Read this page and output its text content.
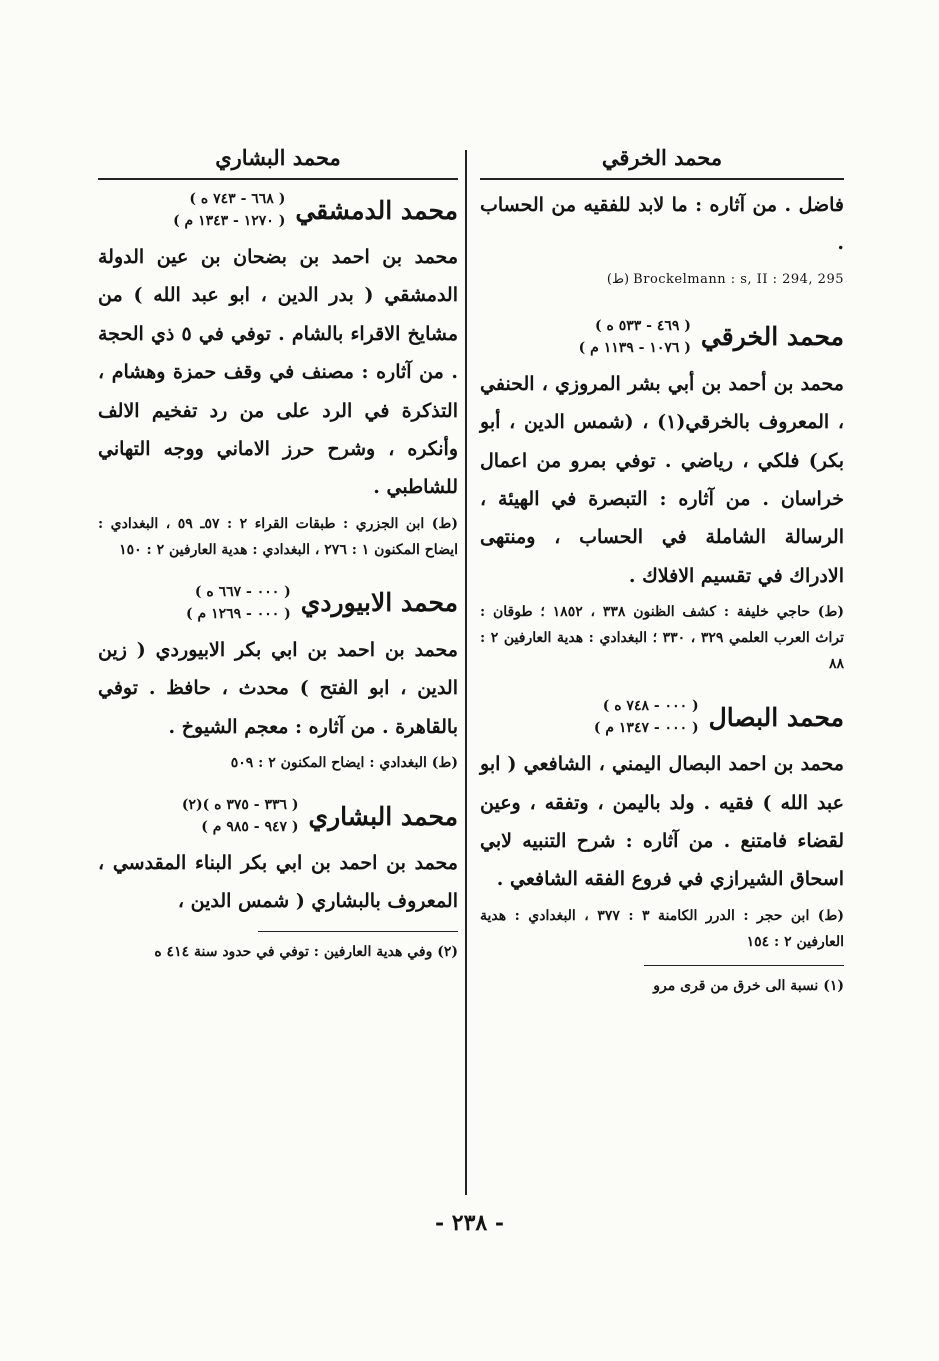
محمد الخرقي
فاضل . من آثاره : ما لابد للفقيه من الحساب .
(ط) Brockelmann : s, II : 294, 295
محمد الخرقي
( ٤٦٩ - ٥٣٣ ه )
( ١٠٧٦ - ١١٣٩ م )
محمد بن أحمد بن أبي بشر المروزي ، الحنفي ، المعروف بالخرقي(١) ، (شمس الدين ، أبو بكر) فلكي ، رياضي . توفي بمرو من اعمال خراسان . من آثاره : التبصرة في الهيئة ، الرسالة الشاملة في الحساب ، ومنتهى الادراك في تقسيم الافلاك .
(ط) حاجي خليفة : كشف الظنون ٣٣٨ ، ١٨٥٢ ؛ طوقان : تراث العرب العلمي ٣٢٩ ، ٣٣٠ ؛ البغدادي : هدية العارفين ٢ : ٨٨
محمد البصال
( ٠٠٠ - ٧٤٨ ه )
( ٠٠٠ - ١٣٤٧ م )
محمد بن احمد البصال اليمني ، الشافعي ( ابو عبد الله ) فقيه . ولد باليمن ، وتفقه ، وعين لقضاء فامتنع . من آثاره : شرح التنبيه لابي اسحاق الشيرازي في فروع الفقه الشافعي .
(ط) ابن حجر : الدرر الكامنة ٣ : ٣٧٧ ، البغدادي : هدية العارفين ٢ : ١٥٤
(١) نسبة الى خرق من قرى مرو
محمد البشاري
محمد الدمشقي
( ٦٦٨ - ٧٤٣ ه )
( ١٢٧٠ - ١٣٤٣ م )
محمد بن احمد بن بضحان بن عين الدولة الدمشقي ( بدر الدين ، ابو عبد الله ) من مشايخ الاقراء بالشام . توفي في ٥ ذي الحجة . من آثاره : مصنف في وقف حمزة وهشام ، التذكرة في الرد على من رد تفخيم الالف وأنكره ، وشرح حرز الاماني ووجه التهاني للشاطبي .
(ط) ابن الجزري : طبقات القراء ٢ : ٥٧ـ ٥٩ ، البغدادي : ايضاح المكنون ١ : ٢٧٦ ، البغدادي : هدية العارفين ٢ : ١٥٠
محمد الابيوردي
( ٠٠٠ - ٦٦٧ ه )
( ٠٠٠ - ١٢٦٩ م )
محمد بن احمد بن ابي بكر الابيوردي ( زين الدين ، ابو الفتح ) محدث ، حافظ . توفي بالقاهرة . من آثاره : معجم الشيوخ .
(ط) البغدادي : ايضاح المكنون ٢ : ٥٠٩
محمد البشاري
( ٣٣٦ - ٣٧٥ ه )(٢)
( ٩٤٧ - ٩٨٥ م )
محمد بن احمد بن ابي بكر البناء المقدسي ، المعروف بالبشاري ( شمس الدين ،
(٢) وفي هدية العارفين : توفي في حدود سنة ٤١٤ ه
- ٢٣٨ -
